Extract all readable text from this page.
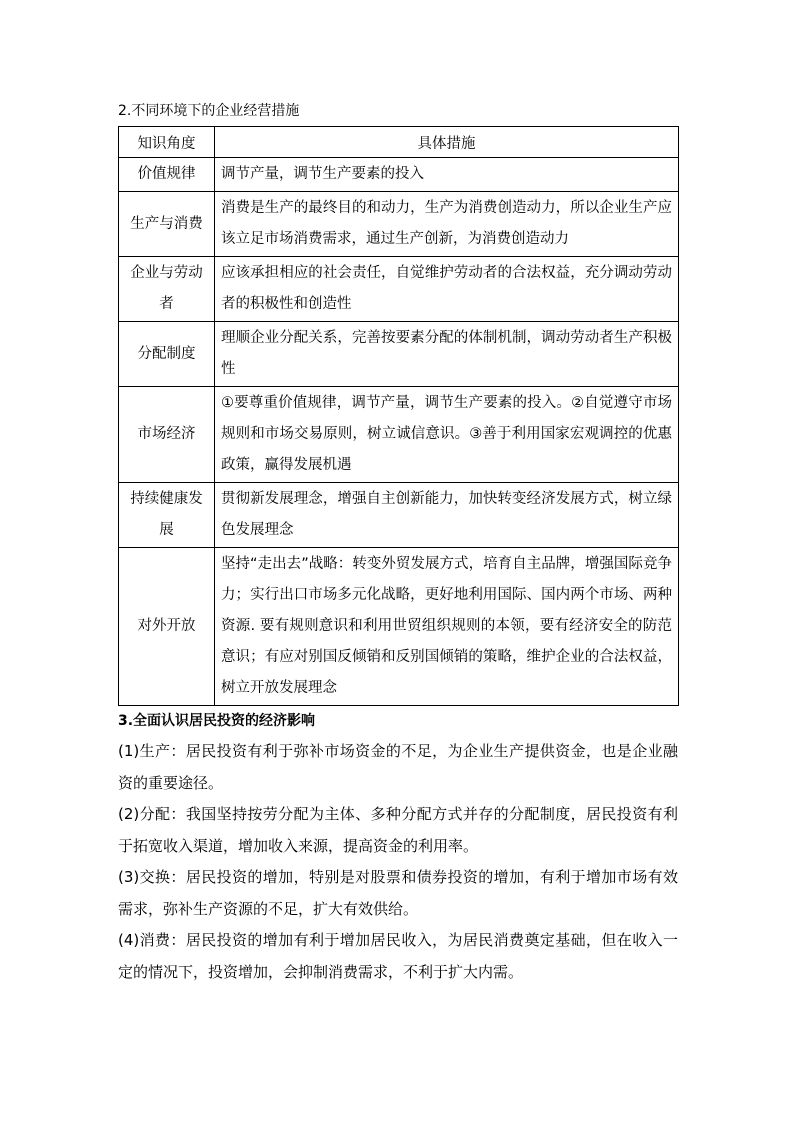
2.不同环境下的企业经营措施
知识角度	具体措施
价值规律	调节产量，调节生产要素的投入
生产与消费	消费是生产的最终目的和动力，生产为消费创造动力，所以企业生产应该立足市场消费需求，通过生产创新，为消费创造动力
企业与劳动者	应该承担相应的社会责任，自觉维护劳动者的合法权益，充分调动劳动者的积极性和创造性
分配制度	理顺企业分配关系，完善按要素分配的体制机制，调动劳动者生产积极性
市场经济	①要尊重价值规律，调节产量，调节生产要素的投入。②自觉遵守市场规则和市场交易原则，树立诚信意识。③善于利用国家宏观调控的优惠政策，赢得发展机遇
持续健康发展	贯彻新发展理念，增强自主创新能力，加快转变经济发展方式，树立绿色发展理念
对外开放	坚持“走出去”战略：转变外贸发展方式，培育自主品牌，增强国际竞争力；实行出口市场多元化战略，更好地利用国际、国内两个市场、两种资源. 要有规则意识和利用世贸组织规则的本领，要有经济安全的防范意识；有应对别国反倾销和反别国倾销的策略，维护企业的合法权益，树立开放发展理念
3.全面认识居民投资的经济影响

(1)生产：居民投资有利于弥补市场资金的不足，为企业生产提供资金，也是企业融资的重要途径。

(2)分配：我国坚持按劳分配为主体、多种分配方式并存的分配制度，居民投资有利于拓宽收入渠道，增加收入来源，提高资金的利用率。

(3)交换：居民投资的增加，特别是对股票和债券投资的增加，有利于增加市场有效需求，弥补生产资源的不足，扩大有效供给。

(4)消费：居民投资的增加有利于增加居民收入，为居民消费奠定基础，但在收入一定的情况下，投资增加，会抑制消费需求，不利于扩大内需。
